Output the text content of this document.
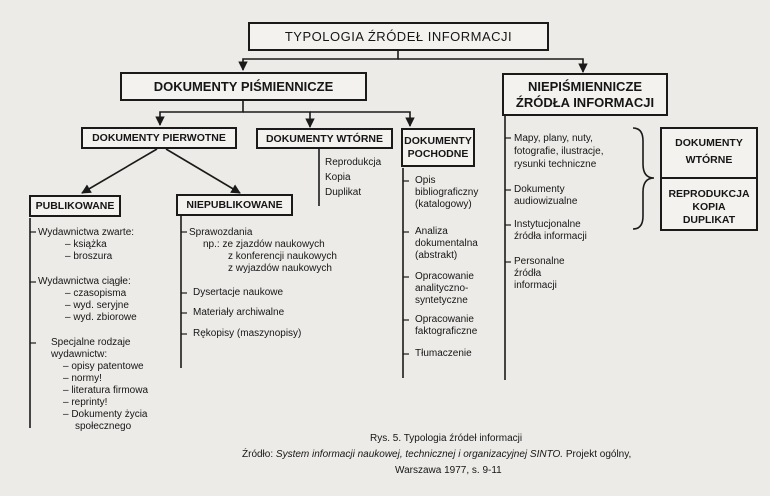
TYPOLOGIA ŹRÓDEŁ INFORMACJI
DOKUMENTY PIŚMIENNICZE	NIEPIŚMIENNICZE
ŹRÓDŁA INFORMACJI
DOKUMENTY PIERWOTNE	DOKUMENTY WTÓRNE DOKUMENTY
POCHODNE
PUBLIKOWANE	NIEPUBLIKOWANE
DOKUMENTY
WTÓRNE
REPRODUKCJA
KOPIA
DUPLIKAT
Wydawnictwa zwarte:
– książka
– broszura
Wydawnictwa ciągłe:
– czasopisma
– wyd. seryjne
– wyd. zbiorowe
Specjalne rodzaje
wydawnictw:
– opisy patentowe
– normy!
– literatura firmowa
– reprinty!
– Dokumenty życia
społecznego
Sprawozdania
np.: ze zjazdów naukowych
z konferencji naukowych
z wyjazdów naukowych
Dysertacje naukowe
Materiały archiwalne
Rękopisy (maszynopisy)
Reprodukcja
Kopia
Duplikat
Opis
bibliograficzny
(katalogowy)
Analiza
dokumentalna
(abstrakt)
Opracowanie
analityczno-
syntetyczne
Opracowanie
faktograficzne
Tłumaczenie
Mapy, plany, nuty,
fotografie, ilustracje,
rysunki techniczne
Dokumenty
audiowizualne
Instytucjonalne
źródła informacji
Personalne
źródła
informacji
Rys. 5. Typologia źródeł informacji
Źródło: System informacji naukowej, technicznej i organizacyjnej SINTO. Projekt ogólny,
Warszawa 1977, s. 9-11
